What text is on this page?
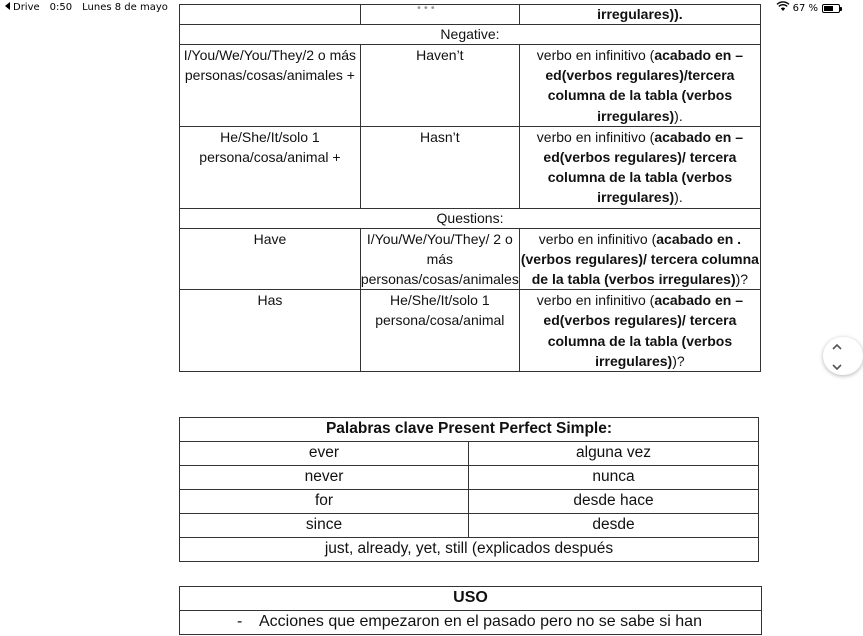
Drive 0:50 Lunes 8 de mayo	•••	67 %
		irregulares)).
Negative:		
I/You/We/You/They/2 o más personas/cosas/animales +	Haven’t	verbo en infinitivo (acabado en –ed(verbos regulares)/tercera columna de la tabla (verbos irregulares)).
He/She/It/solo 1 persona/cosa/animal +	Hasn’t	verbo en infinitivo (acabado en –ed(verbos regulares)/ tercera columna de la tabla (verbos irregulares)).
Questions:		
Have	I/You/We/You/They/ 2 o más personas/cosas/animales	verbo en infinitivo (acabado en .(verbos regulares)/ tercera columna de la tabla (verbos irregulares))?
Has	He/She/It/solo 1 persona/cosa/animal	verbo en infinitivo (acabado en –ed(verbos regulares)/ tercera columna de la tabla (verbos irregulares))?
Palabras clave Present Perfect Simple:	
ever	alguna vez
never	nunca
for	desde hace
since	desde
just, already, yet, still (explicados después	
USO
- Acciones que empezaron en el pasado pero no se sabe si han
